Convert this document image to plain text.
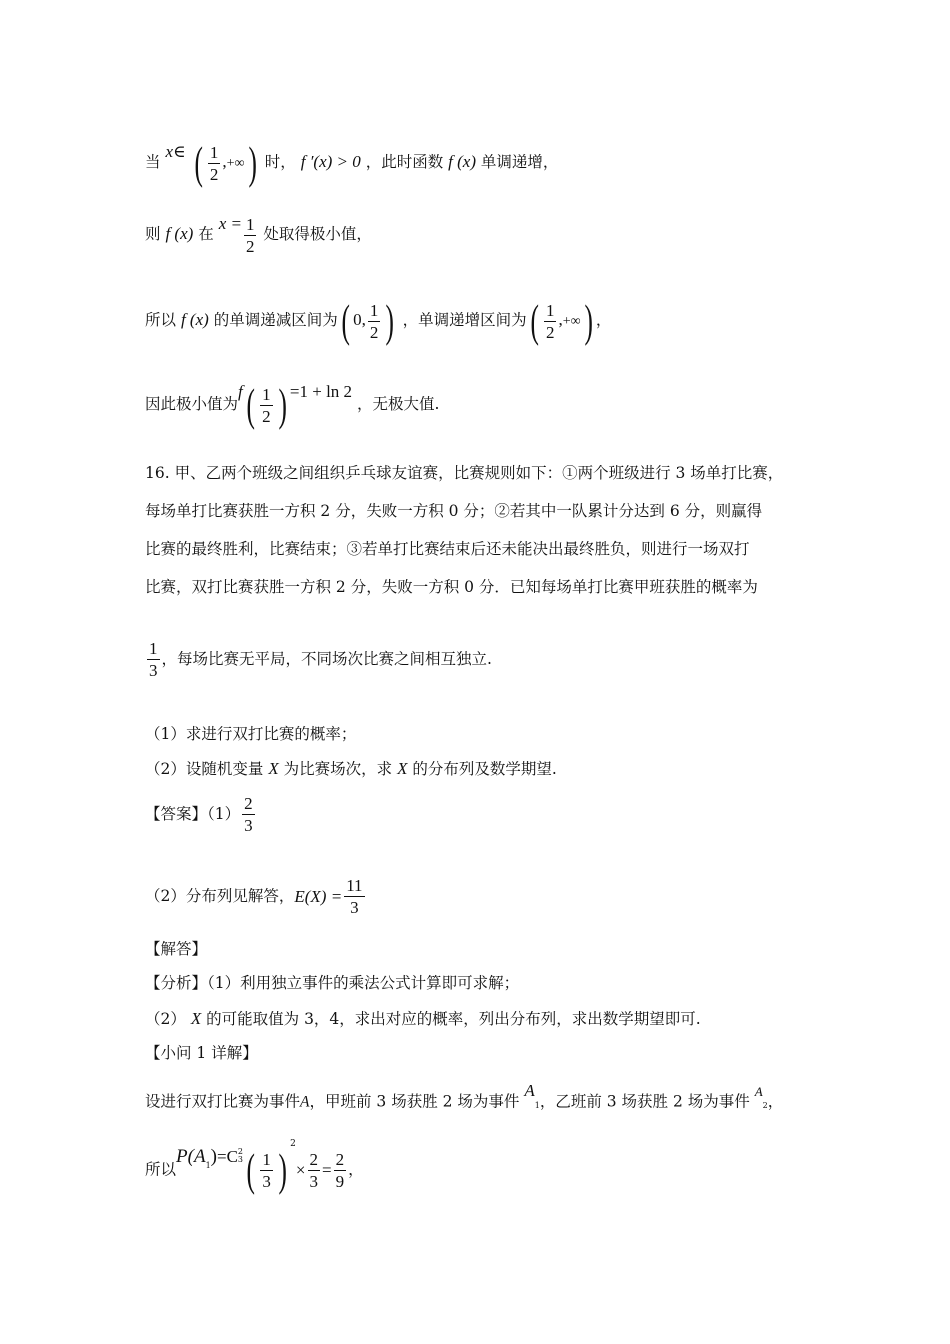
当 x∈ ( $\frac{1}{2}$ ,+∞) 时， f ′(x) > 0 ，此时函数 f (x) 单调递增，
则 f (x) 在 $x = \frac{1}{2}$ 处取得极小值，
所以 f (x) 的单调递减区间为( 0, $\frac{1}{2}$ ) ，单调递增区间为( $\frac{1}{2}$ ,+∞) ，
因此极小值为$f( \frac{1}{2}$ ) =1 + ln 2 ，无极大值.
16. 甲、乙两个班级之间组织乒乓球友谊赛，比赛规则如下：①两个班级进行 3 场单打比赛，
每场单打比赛获胜一方积 2 分，失败一方积 0 分；②若其中一队累计分达到 6 分，则赢得
比赛的最终胜利，比赛结束；③若单打比赛结束后还未能决出最终胜负，则进行一场双打
比赛，双打比赛获胜一方积 2 分，失败一方积 0 分．已知每场单打比赛甲班获胜的概率为
$\frac{1}{3}$ ，每场比赛无平局，不同场次比赛之间相互独立.
（1）求进行双打比赛的概率；
（2）设随机变量 X 为比赛场次，求 X 的分布列及数学期望.
【答案】$(1) \frac{2}{3}$
（2）分布列见解答，$E(X) = \frac{11}{3}$
【解答】
【分析】（1）利用独立事件的乘法公式计算即可求解；
（2） X 的可能取值为 3，4，求出对应的概率，列出分布列，求出数学期望即可.
【小问 1 详解】
设进行双打比赛为事件A，甲班前 3 场获胜 2 场为事件 $A_1$，乙班前 3 场获胜 2 场为事件 $^A_2$，
所以$P(A^1)=C$ 2
3 ( $\frac{1}{3}$ ) $^2\times \frac{2}{3} = \frac{2}{9}$ ，
